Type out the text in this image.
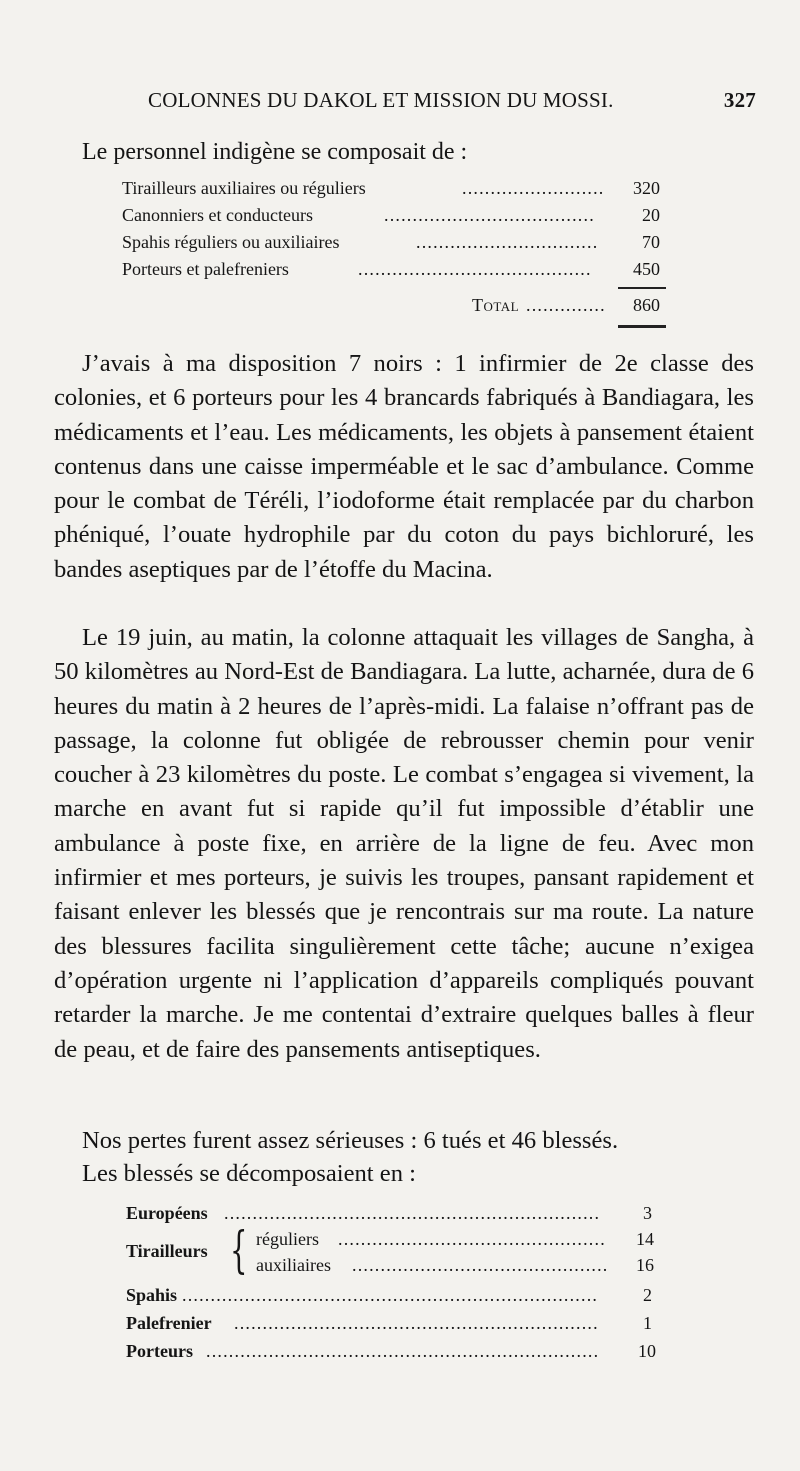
COLONNES DU DAKOL ET MISSION DU MOSSI.	327
Le personnel indigène se composait de :
Tirailleurs auxiliaires ou réguliers	.........................	320
Canonniers et conducteurs	.....................................	20
Spahis réguliers ou auxiliaires	................................	70
Porteurs et palefreniers	.........................................	450
Total ..............	860

J’avais à ma disposition 7 noirs : 1 infirmier de 2e classe des colonies, et 6 porteurs pour les 4 brancards fabriqués à Bandiagara, les médicaments et l’eau. Les médicaments, les objets à pansement étaient contenus dans une caisse imperméable et le sac d’ambulance. Comme pour le combat de Téréli, l’iodoforme était remplacée par du charbon phéniqué, l’ouate hydrophile par du coton du pays bichloruré, les bandes aseptiques par de l’étoffe du Macina.

Le 19 juin, au matin, la colonne attaquait les villages de Sangha, à 50 kilomètres au Nord-Est de Bandiagara. La lutte, acharnée, dura de 6 heures du matin à 2 heures de l’après-midi. La falaise n’offrant pas de passage, la colonne fut obligée de rebrousser chemin pour venir coucher à 23 kilomètres du poste. Le combat s’engagea si vivement, la marche en avant fut si rapide qu’il fut impossible d’établir une ambulance à poste fixe, en arrière de la ligne de feu. Avec mon infirmier et mes porteurs, je suivis les troupes, pansant rapidement et faisant enlever les blessés que je rencontrais sur ma route. La nature des blessures facilita singulièrement cette tâche; aucune n’exigea d’opération urgente ni l’application d’appareils compliqués pouvant retarder la marche. Je me contentai d’extraire quelques balles à fleur de peau, et de faire des pansements antiseptiques.

Nos pertes furent assez sérieuses : 6 tués et 46 blessés.

Les blessés se décomposaient en :

Européens ..................................................................	3
Tirailleurs { réguliers ...............................................	14
auxiliaires .............................................	16
Spahis .........................................................................	2
Palefrenier ................................................................	1
Porteurs .....................................................................	10
